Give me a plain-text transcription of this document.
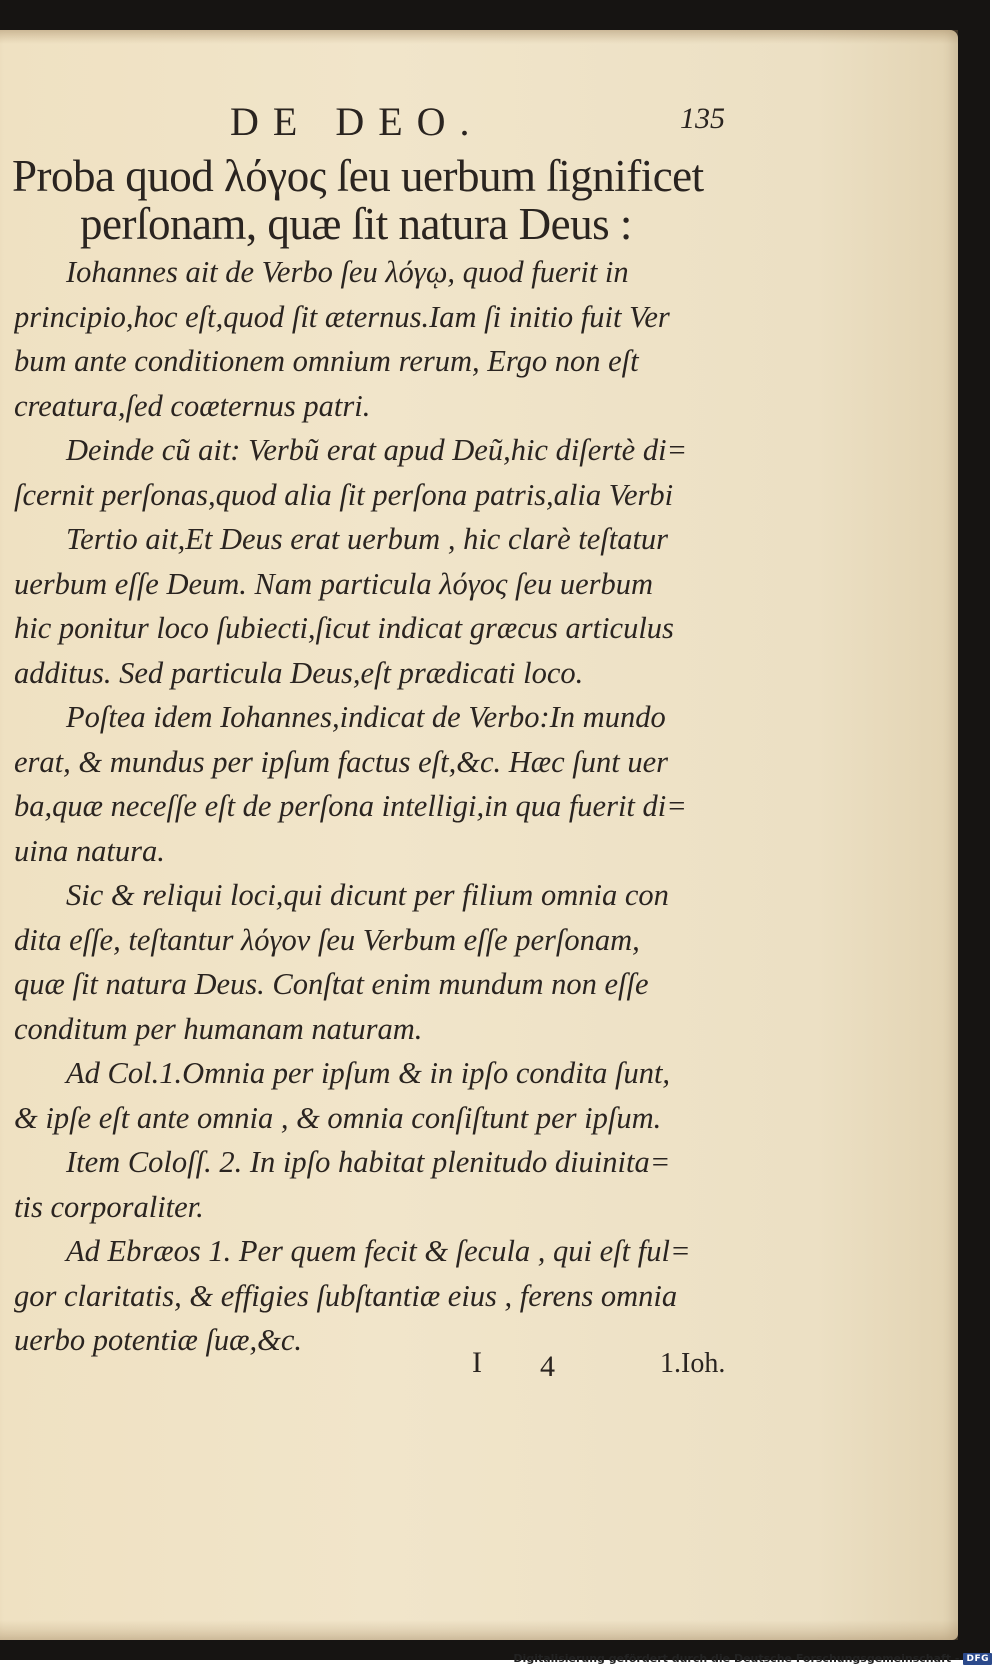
DE DEO.	135
Proba quod λόγος ſeu uerbum ſignificet
perſonam, quæ ſit natura Deus :
Iohannes ait de Verbo ſeu λόγῳ, quod fuerit in
principio,hoc eſt,quod ſit æternus.Iam ſi initio fuit Ver
bum ante conditionem omnium rerum, Ergo non eſt
creatura,ſed coæternus patri.
Deinde cũ ait: Verbũ erat apud Deũ,hic diſertè di=
ſcernit perſonas,quod alia ſit perſona patris,alia Verbi
Tertio ait,Et Deus erat uerbum , hic clarè teſtatur
uerbum eſſe Deum. Nam particula λόγος ſeu uerbum
hic ponitur loco ſubiecti,ſicut indicat græcus articulus
additus. Sed particula Deus,eſt prædicati loco.
Poſtea idem Iohannes,indicat de Verbo:In mundo
erat, & mundus per ipſum factus eſt,&c. Hæc ſunt uer
ba,quæ neceſſe eſt de perſona intelligi,in qua fuerit di=
uina natura.
Sic & reliqui loci,qui dicunt per filium omnia con
dita eſſe, teſtantur λόγον ſeu Verbum eſſe perſonam,
quæ ſit natura Deus. Conſtat enim mundum non eſſe
conditum per humanam naturam.
Ad Col.1.Omnia per ipſum & in ipſo condita ſunt,
& ipſe eſt ante omnia , & omnia conſiſtunt per ipſum.
Item Coloſſ. 2. In ipſo habitat plenitudo diuinita=
tis corporaliter.
Ad Ebræos 1. Per quem fecit & ſecula , qui eſt ful=
gor claritatis, & effigies ſubſtantiæ eius , ferens omnia
uerbo potentiæ ſuæ,&c.
I 4	1.Ioh.
Digitalisierung gefördert durch die Deutsche Forschungsgemeinschaft - DFG
